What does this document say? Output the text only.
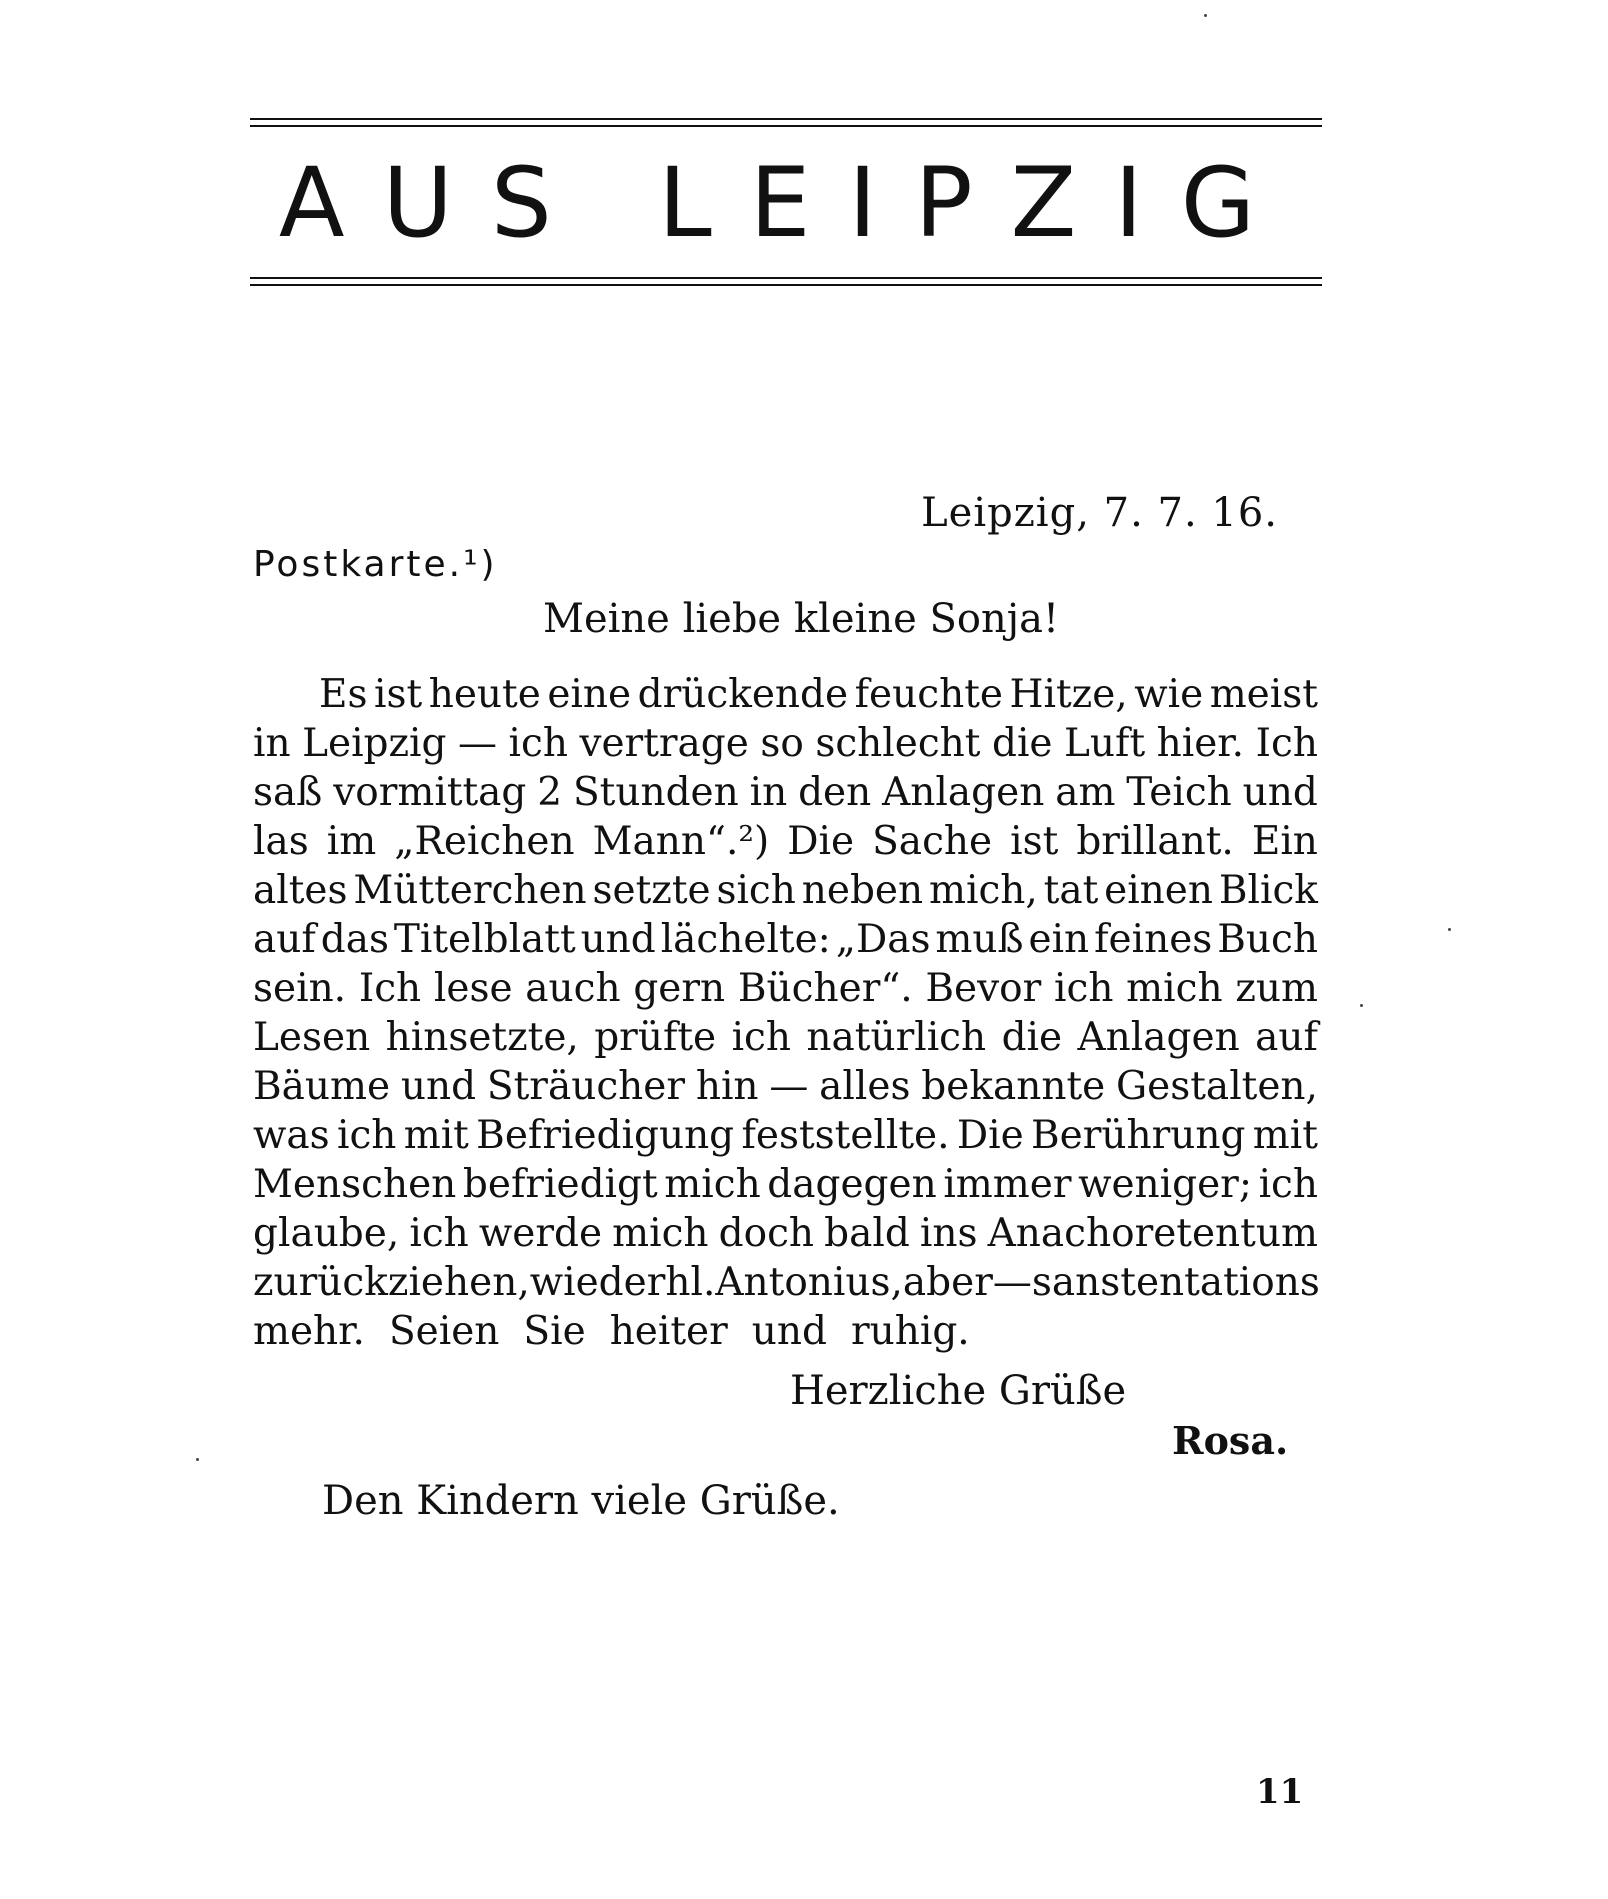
AUS LEIPZIG
Leipzig, 7. 7. 16.
Postkarte.¹)
Meine liebe kleine Sonja!
Es ist heute eine drückende feuchte Hitze, wie meist
in Leipzig — ich vertrage so schlecht die Luft hier. Ich
saß vormittag 2 Stunden in den Anlagen am Teich und
las im „Reichen Mann“.²) Die Sache ist brillant. Ein
altes Mütterchen setzte sich neben mich, tat einen Blick
auf das Titelblatt und lächelte: „Das muß ein feines Buch
sein. Ich lese auch gern Bücher“. Bevor ich mich zum
Lesen hinsetzte, prüfte ich natürlich die Anlagen auf
Bäume und Sträucher hin — alles bekannte Gestalten,
was ich mit Befriedigung feststellte. Die Berührung mit
Menschen befriedigt mich dagegen immer weniger; ich
glaube, ich werde mich doch bald ins Anachoretentum
zurückziehen, wie der hl. Antonius, aber — sans tentations
mehr. Seien Sie heiter und ruhig.
Herzliche Grüße
Rosa.
Den Kindern viele Grüße.
11
